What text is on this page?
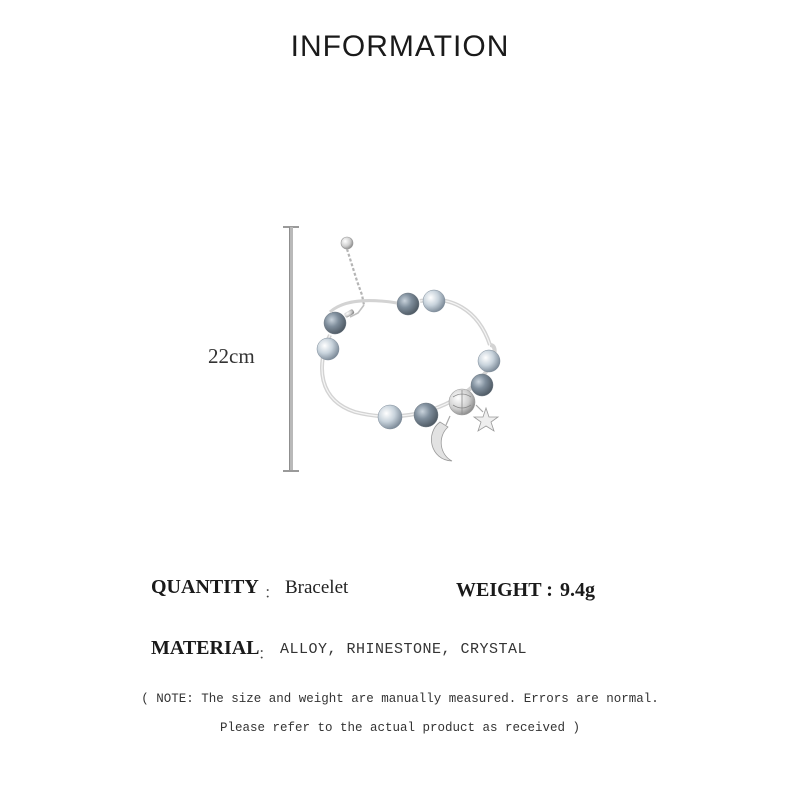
INFORMATION
22cm
QUANTITY ： Bracelet	WEIGHT : 9.4g
MATERIAL
： ALLOY, RHINESTONE, CRYSTAL
( NOTE: The size and weight are manually measured. Errors are normal.
Please refer to the actual product as received )
